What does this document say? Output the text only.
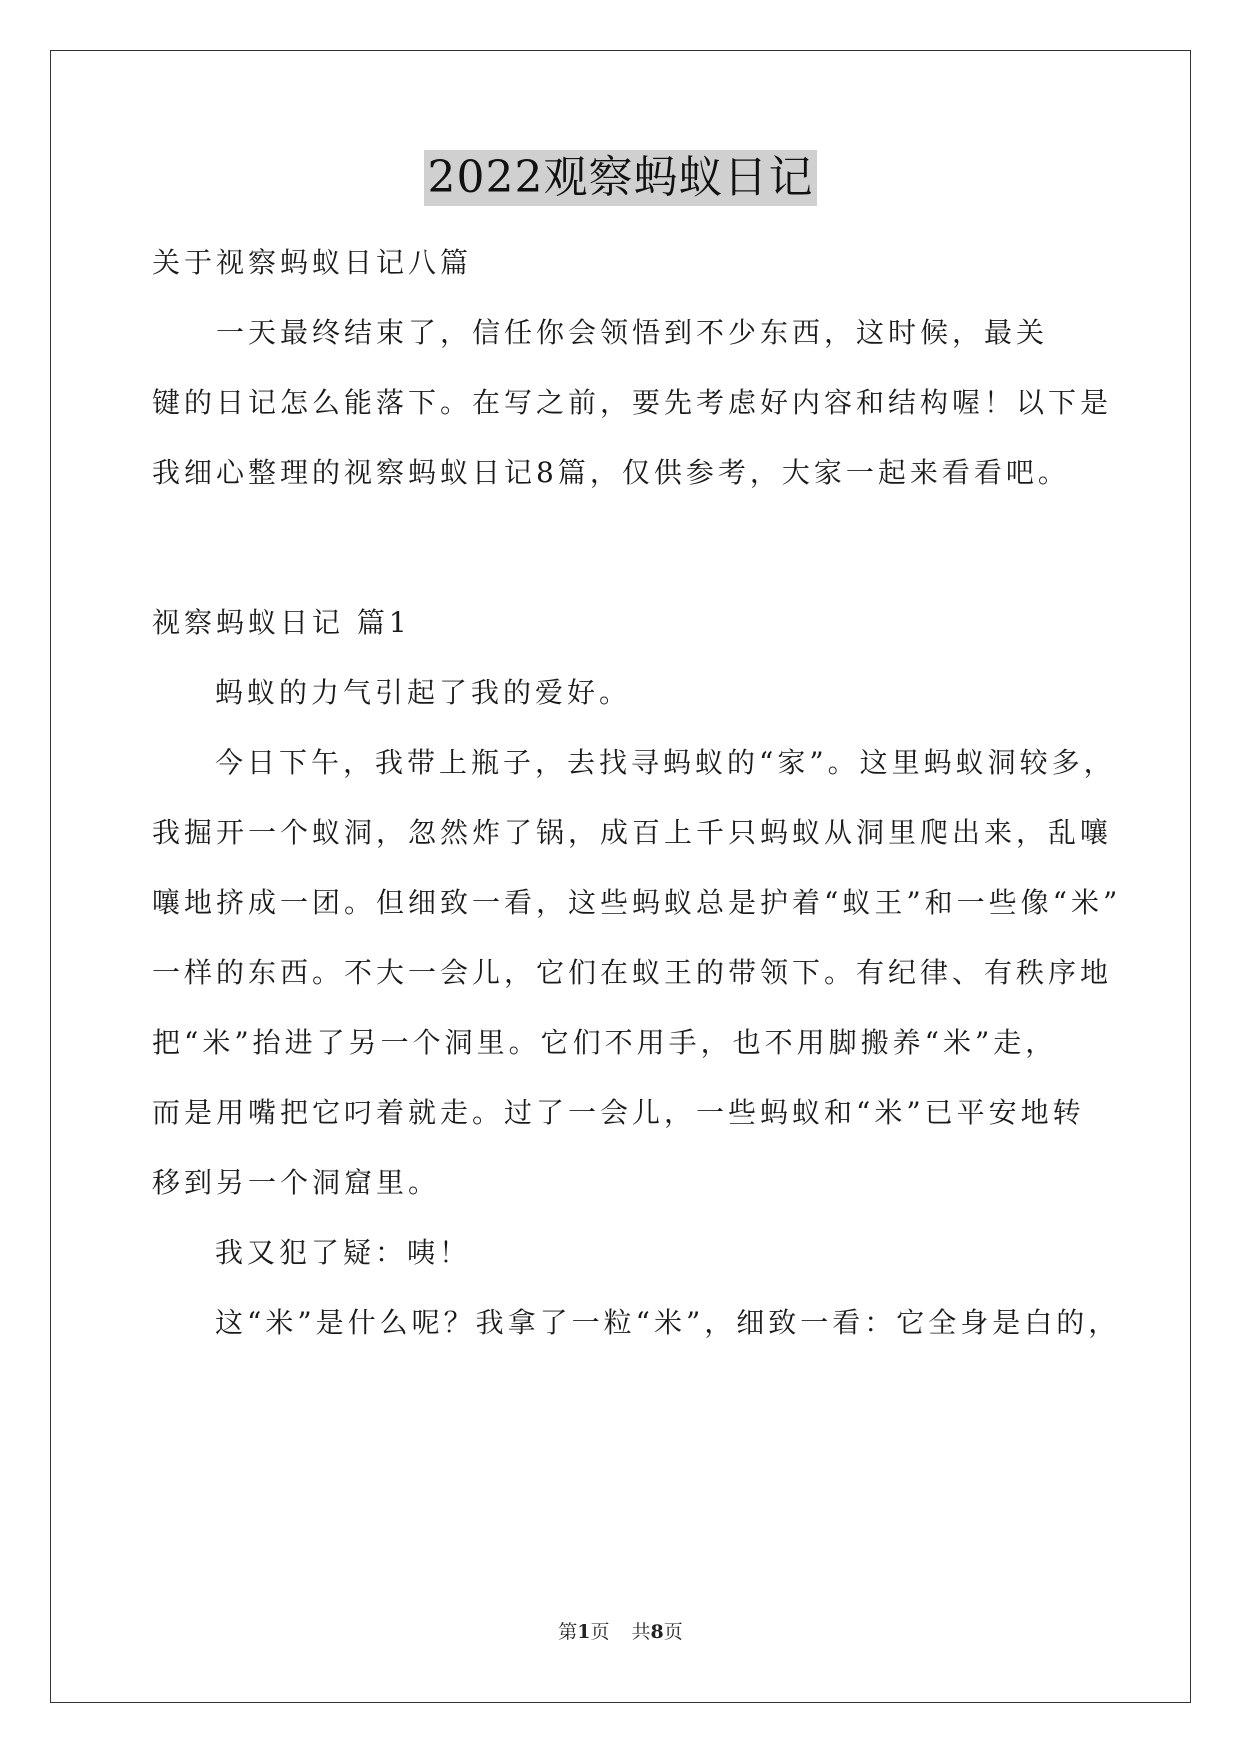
2022观察蚂蚁日记
关于视察蚂蚁日记八篇
　　一天最终结束了，信任你会领悟到不少东西，这时候，最关
键的日记怎么能落下。在写之前，要先考虑好内容和结构喔！以下是
我细心整理的视察蚂蚁日记8篇，仅供参考，大家一起来看看吧。
视察蚂蚁日记 篇1
蚂蚁的力气引起了我的爱好。
今日下午，我带上瓶子，去找寻蚂蚁的“家”。这里蚂蚁洞较多，
我掘开一个蚁洞，忽然炸了锅，成百上千只蚂蚁从洞里爬出来，乱嚷
嚷地挤成一团。但细致一看，这些蚂蚁总是护着“蚁王”和一些像“米”
一样的东西。不大一会儿，它们在蚁王的带领下。有纪律、有秩序地
把“米”抬进了另一个洞里。它们不用手，也不用脚搬养“米”走，
而是用嘴把它叼着就走。过了一会儿，一些蚂蚁和“米”已平安地转
移到另一个洞窟里。
我又犯了疑：咦！
这“米”是什么呢？我拿了一粒“米”，细致一看：它全身是白的，
第1页 共8页
